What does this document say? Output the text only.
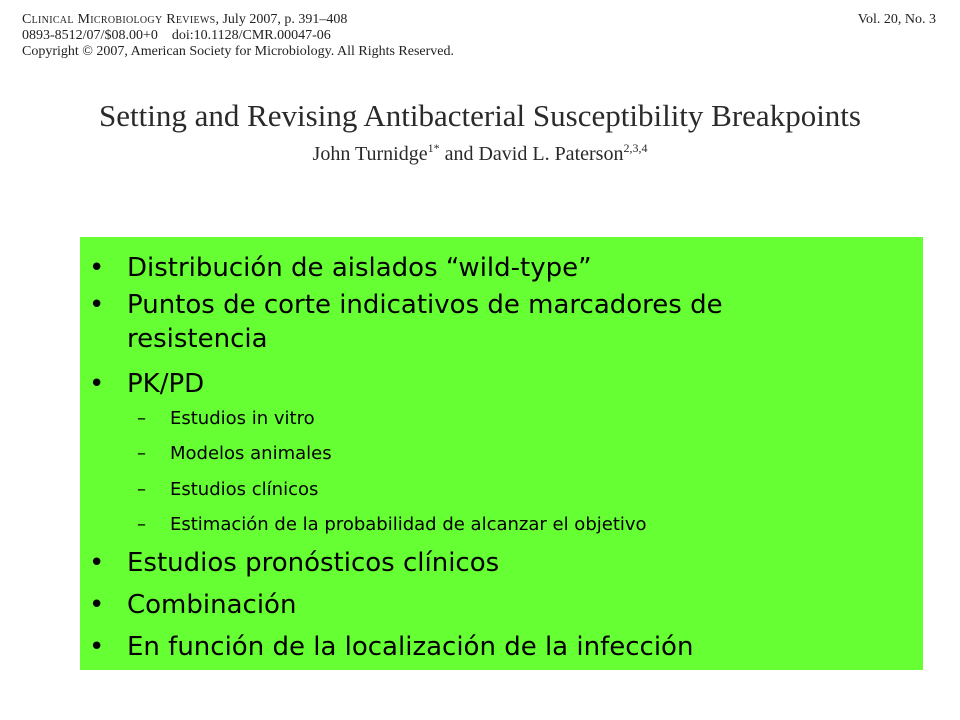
Clinical Microbiology Reviews, July 2007, p. 391–408
0893-8512/07/$08.00+0    doi:10.1128/CMR.00047-06
Copyright © 2007, American Society for Microbiology. All Rights Reserved.
Vol. 20, No. 3
Setting and Revising Antibacterial Susceptibility Breakpoints
John Turnidge$^{1*}$ and David L. Paterson$^{2,3,4}$
• Distribución de aislados “wild-type”
• Puntos de corte indicativos de marcadores de
resistencia
• PK/PD
– Estudios in vitro
– Modelos animales
– Estudios clínicos
– Estimación de la probabilidad de alcanzar el objetivo
• Estudios pronósticos clínicos
• Combinación
• En función de la localización de la infección
